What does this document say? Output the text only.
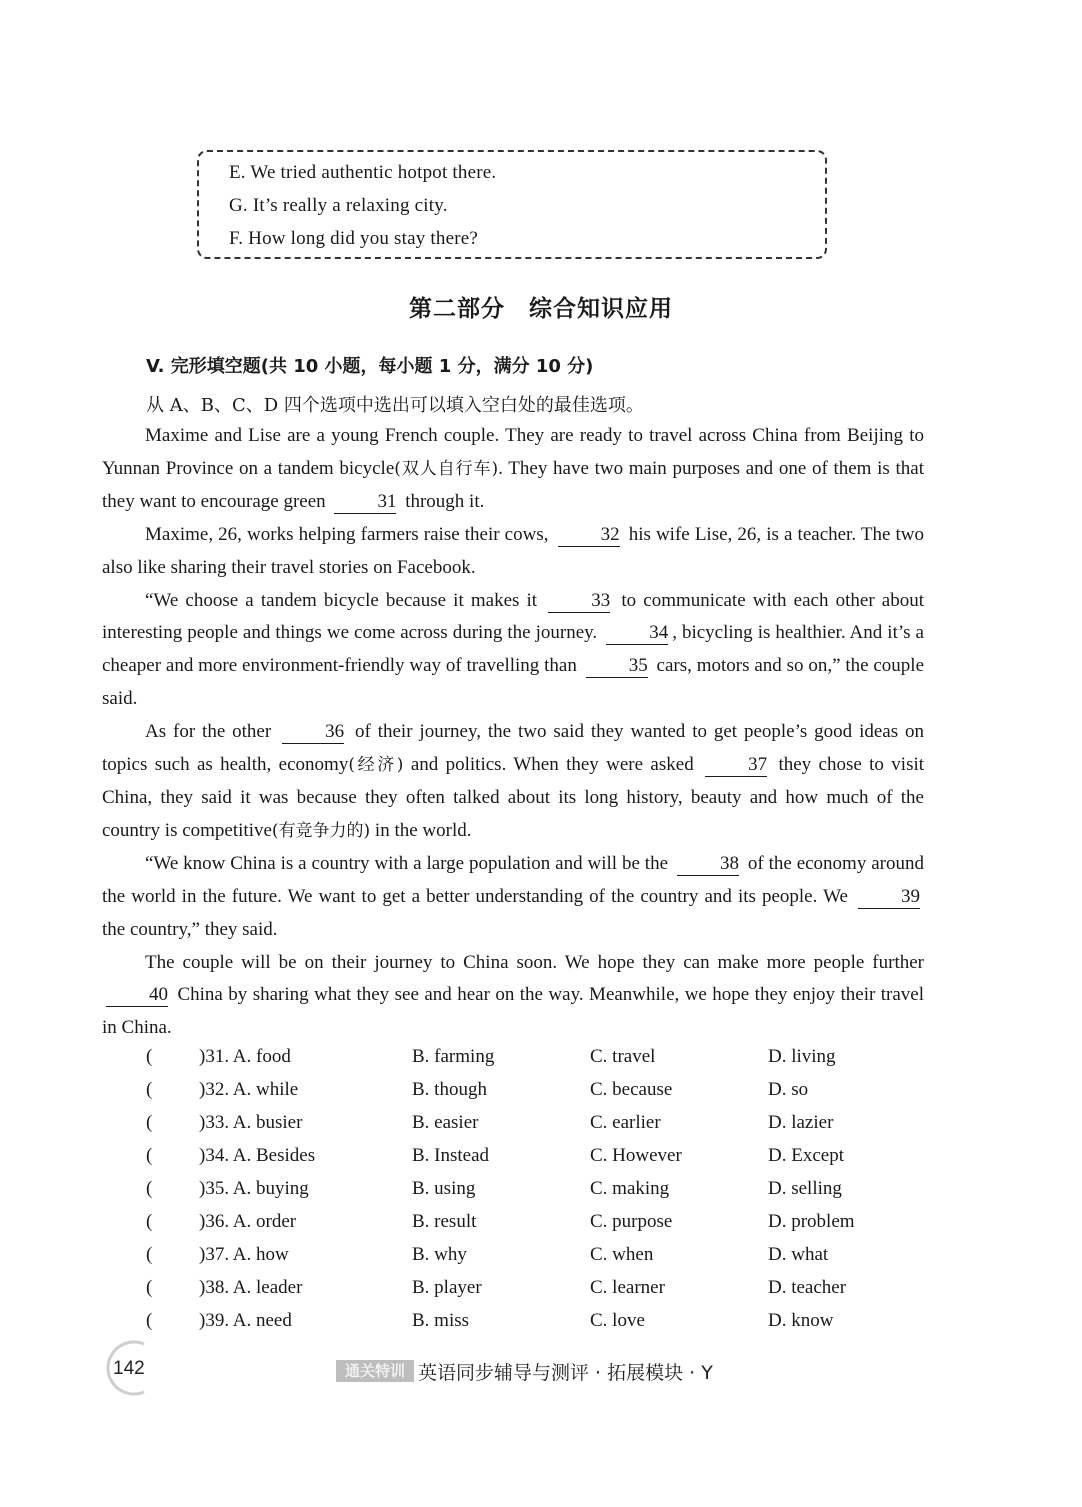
E. We tried authentic hotpot there.
G. It’s really a relaxing city.
F. How long did you stay there?
第二部分　综合知识应用
V. 完形填空题(共 10 小题，每小题 1 分，满分 10 分)
从 A、B、C、D 四个选项中选出可以填入空白处的最佳选项。

Maxime and Lise are a young French couple. They are ready to travel across China from Beijing to Yunnan Province on a tandem bicycle(双人自行车). They have two main purposes and one of them is that they want to encourage green	31 through it.

Maxime, 26, works helping farmers raise their cows,	32 his wife Lise, 26, is a teacher. The two also like sharing their travel stories on Facebook.

“We choose a tandem bicycle because it makes it	33 to communicate with each other about interesting people and things we come across during the journey.	34 , bicycling is healthier. And it’s a cheaper and more environment-friendly way of travelling than	35 cars, motors and so on,” the couple said.

As for the other	36 of their journey, the two said they wanted to get people’s good ideas on topics such as health, economy(经济) and politics. When they were asked	37 they chose to visit China, they said it was because they often talked about its long history, beauty and how much of the country is competitive(有竞争力的) in the world.

“We know China is a country with a large population and will be the	38 of the economy around the world in the future. We want to get a better understanding of the country and its people. We	39 the country,” they said.

The couple will be on their journey to China soon. We hope they can make more people further 40 China by sharing what they see and hear on the way. Meanwhile, we hope they enjoy their travel in China.

( )31. A. food	B. farming	C. travel	D. living
( )32. A. while	B. though	C. because	D. so
( )33. A. busier	B. easier	C. earlier	D. lazier
( )34. A. Besides	B. Instead	C. However	D. Except
( )35. A. buying	B. using	C. making	D. selling
( )36. A. order	B. result	C. purpose	D. problem
( )37. A. how	B. why	C. when	D. what
( )38. A. leader	B. player	C. learner	D. teacher
( )39. A. need	B. miss	C. love	D. know
142	通关特训 英语同步辅导与测评 · 拓展模块 · Y
